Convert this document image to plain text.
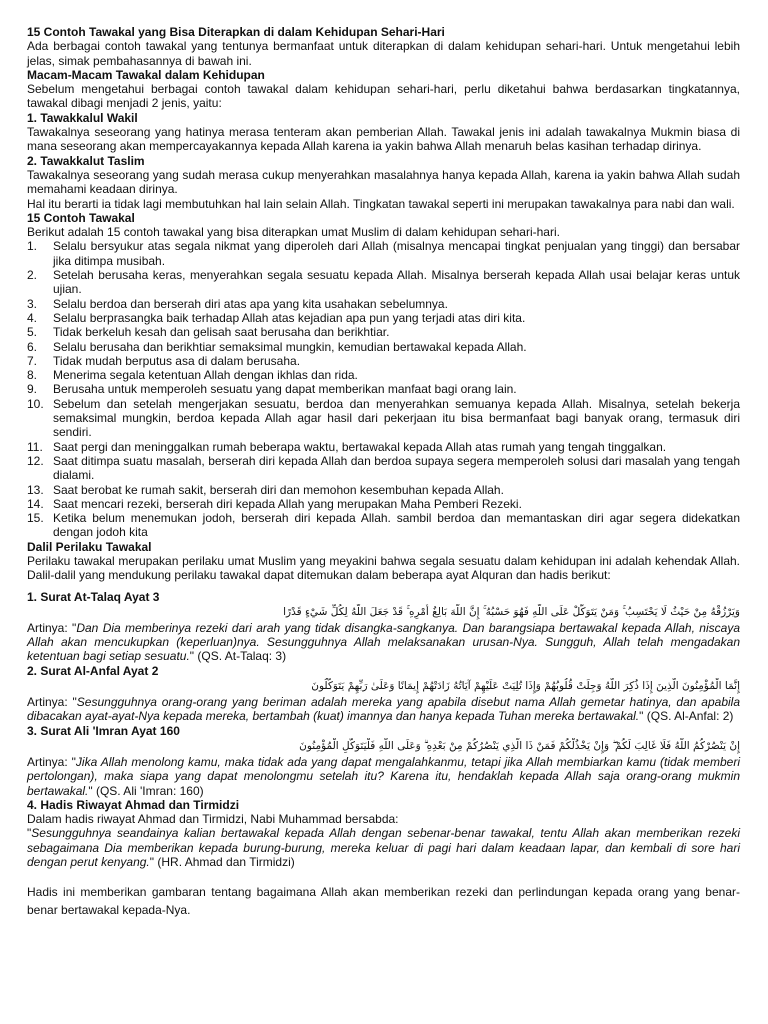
15 Contoh Tawakal yang Bisa Diterapkan di dalam Kehidupan Sehari-Hari

Ada berbagai contoh tawakal yang tentunya bermanfaat untuk diterapkan di dalam kehidupan sehari-hari. Untuk mengetahui lebih jelas, simak pembahasannya di bawah ini.

Macam-Macam Tawakal dalam Kehidupan

Sebelum mengetahui berbagai contoh tawakal dalam kehidupan sehari-hari, perlu diketahui bahwa berdasarkan tingkatannya, tawakal dibagi menjadi 2 jenis, yaitu:

1. Tawakkalul Wakil

Tawakalnya seseorang yang hatinya merasa tenteram akan pemberian Allah. Tawakal jenis ini adalah tawakalnya Mukmin biasa di mana seseorang akan mempercayakannya kepada Allah karena ia yakin bahwa Allah menaruh belas kasihan terhadap dirinya.

2. Tawakkalut Taslim

Tawakalnya seseorang yang sudah merasa cukup menyerahkan masalahnya hanya kepada Allah, karena ia yakin bahwa Allah sudah memahami keadaan dirinya.

Hal itu berarti ia tidak lagi membutuhkan hal lain selain Allah. Tingkatan tawakal seperti ini merupakan tawakalnya para nabi dan wali.

15 Contoh Tawakal

Berikut adalah 15 contoh tawakal yang bisa diterapkan umat Muslim di dalam kehidupan sehari-hari.

1.	Selalu bersyukur atas segala nikmat yang diperoleh dari Allah (misalnya mencapai tingkat penjualan yang tinggi) dan bersabar jika ditimpa musibah.
2.	Setelah berusaha keras, menyerahkan segala sesuatu kepada Allah. Misalnya berserah kepada Allah usai belajar keras untuk ujian.
3.	Selalu berdoa dan berserah diri atas apa yang kita usahakan sebelumnya.
4.	Selalu berprasangka baik terhadap Allah atas kejadian apa pun yang terjadi atas diri kita.
5.	Tidak berkeluh kesah dan gelisah saat berusaha dan berikhtiar.
6.	Selalu berusaha dan berikhtiar semaksimal mungkin, kemudian bertawakal kepada Allah.
7.	Tidak mudah berputus asa di dalam berusaha.
8.	Menerima segala ketentuan Allah dengan ikhlas dan rida.
9.	Berusaha untuk memperoleh sesuatu yang dapat memberikan manfaat bagi orang lain.
10. Sebelum dan setelah mengerjakan sesuatu, berdoa dan menyerahkan semuanya kepada Allah. Misalnya, setelah bekerja semaksimal mungkin, berdoa kepada Allah agar hasil dari pekerjaan itu bisa bermanfaat bagi banyak orang, termasuk diri sendiri.
11. Saat pergi dan meninggalkan rumah beberapa waktu, bertawakal kepada Allah atas rumah yang tengah tinggalkan.
12. Saat ditimpa suatu masalah, berserah diri kepada Allah dan berdoa supaya segera memperoleh solusi dari masalah yang tengah dialami.
13. Saat berobat ke rumah sakit, berserah diri dan memohon kesembuhan kepada Allah.
14. Saat mencari rezeki, berserah diri kepada Allah yang merupakan Maha Pemberi Rezeki.
15. Ketika belum menemukan jodoh, berserah diri kepada Allah. sambil berdoa dan memantaskan diri agar segera didekatkan dengan jodoh kita

Dalil Perilaku Tawakal

Perilaku tawakal merupakan perilaku umat Muslim yang meyakini bahwa segala sesuatu dalam kehidupan ini adalah kehendak Allah. Dalil-dalil yang mendukung perilaku tawakal dapat ditemukan dalam beberapa ayat Alquran dan hadis berikut:

1. Surat At-Talaq Ayat 3

وَيَرْزُقْهُ مِنْ حَيْثُ لَا يَحْتَسِبُ ۚ وَمَنْ يَتَوَكَّلْ عَلَى اللَّهِ فَهُوَ حَسْبُهُ ۚ إِنَّ اللَّهَ بَالِغُ أَمْرِهِ ۚ قَدْ جَعَلَ اللَّهُ لِكُلِّ شَيْءٍ قَدْرًا

Artinya: "Dan Dia memberinya rezeki dari arah yang tidak disangka-sangkanya. Dan barangsiapa bertawakal kepada Allah, niscaya Allah akan mencukupkan (keperluan)nya. Sesungguhnya Allah melaksanakan urusan-Nya. Sungguh, Allah telah mengadakan ketentuan bagi setiap sesuatu." (QS. At-Talaq: 3)

2. Surat Al-Anfal Ayat 2

إِنَّمَا الْمُؤْمِنُونَ الَّذِينَ إِذَا ذُكِرَ اللَّهُ وَجِلَتْ قُلُوبُهُمْ وَإِذَا تُلِيَتْ عَلَيْهِمْ آيَاتُهُ زَادَتْهُمْ إِيمَانًا وَعَلَىٰ رَبِّهِمْ يَتَوَكَّلُونَ

Artinya: "Sesungguhnya orang-orang yang beriman adalah mereka yang apabila disebut nama Allah gemetar hatinya, dan apabila dibacakan ayat-ayat-Nya kepada mereka, bertambah (kuat) imannya dan hanya kepada Tuhan mereka bertawakal." (QS. Al-Anfal: 2)

3. Surat Ali 'Imran Ayat 160

إِنْ يَنْصُرْكُمُ اللَّهُ فَلَا غَالِبَ لَكُمْ ۖ وَإِنْ يَخْذُلْكُمْ فَمَنْ ذَا الَّذِي يَنْصُرُكُمْ مِنْ بَعْدِهِ ۗ وَعَلَى اللَّهِ فَلْيَتَوَكَّلِ الْمُؤْمِنُونَ

Artinya: "Jika Allah menolong kamu, maka tidak ada yang dapat mengalahkanmu, tetapi jika Allah membiarkan kamu (tidak memberi pertolongan), maka siapa yang dapat menolongmu setelah itu? Karena itu, hendaklah kepada Allah saja orang-orang mukmin bertawakal." (QS. Ali 'Imran: 160)

4. Hadis Riwayat Ahmad dan Tirmidzi

Dalam hadis riwayat Ahmad dan Tirmidzi, Nabi Muhammad bersabda:

"Sesungguhnya seandainya kalian bertawakal kepada Allah dengan sebenar-benar tawakal, tentu Allah akan memberikan rezeki sebagaimana Dia memberikan kepada burung-burung, mereka keluar di pagi hari dalam keadaan lapar, dan kembali di sore hari dengan perut kenyang." (HR. Ahmad dan Tirmidzi)

Hadis ini memberikan gambaran tentang bagaimana Allah akan memberikan rezeki dan perlindungan kepada orang yang benar-benar bertawakal kepada-Nya.
